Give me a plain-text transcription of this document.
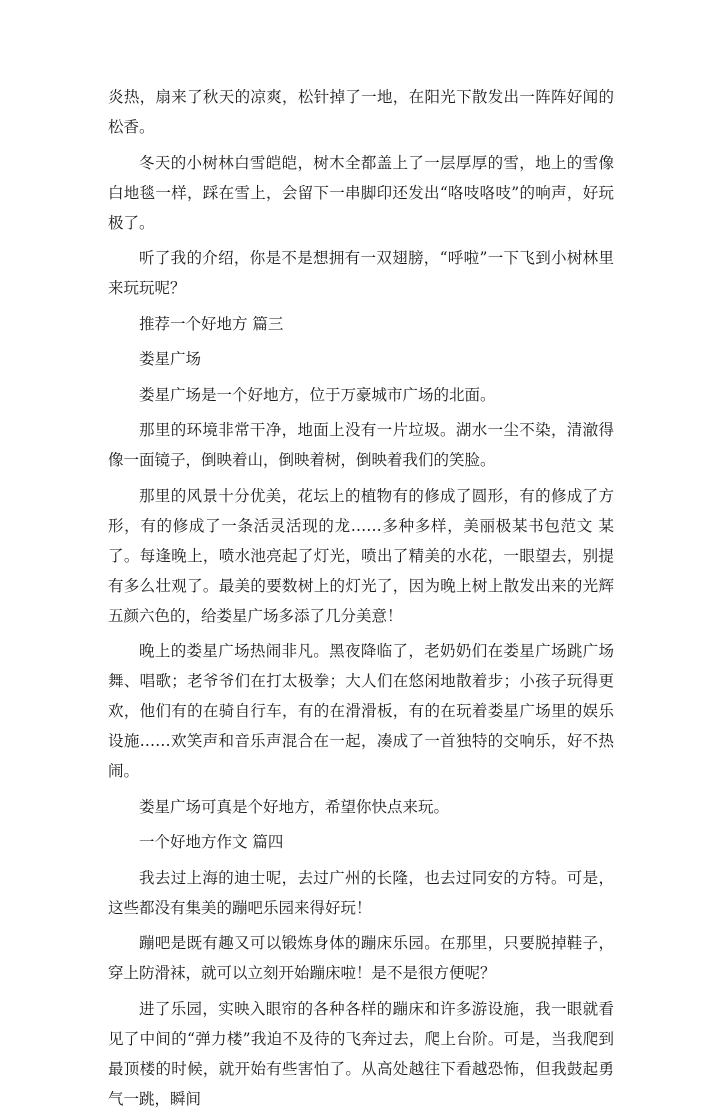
炎热，扇来了秋天的凉爽，松针掉了一地，在阳光下散发出一阵阵好闻的松香。

冬天的小树林白雪皑皑，树木全都盖上了一层厚厚的雪，地上的雪像白地毯一样，踩在雪上，会留下一串脚印还发出“咯吱咯吱”的响声，好玩极了。

听了我的介绍，你是不是想拥有一双翅膀，“呼啦”一下飞到小树林里来玩玩呢？

推荐一个好地方 篇三

娄星广场

娄星广场是一个好地方，位于万豪城市广场的北面。

那里的环境非常干净，地面上没有一片垃圾。湖水一尘不染，清澈得像一面镜子，倒映着山，倒映着树，倒映着我们的笑脸。

那里的风景十分优美，花坛上的植物有的修成了圆形，有的修成了方形，有的修成了一条活灵活现的龙……多种多样，美丽极某书包范文 某了。每逢晚上，喷水池亮起了灯光，喷出了精美的水花，一眼望去，别提有多么壮观了。最美的要数树上的灯光了，因为晚上树上散发出来的光辉五颜六色的，给娄星广场多添了几分美意！

晚上的娄星广场热闹非凡。黑夜降临了，老奶奶们在娄星广场跳广场舞、唱歌；老爷爷们在打太极拳；大人们在悠闲地散着步；小孩子玩得更欢，他们有的在骑自行车，有的在滑滑板，有的在玩着娄星广场里的娱乐设施……欢笑声和音乐声混合在一起，凑成了一首独特的交响乐，好不热闹。

娄星广场可真是个好地方，希望你快点来玩。

一个好地方作文 篇四

我去过上海的迪士呢，去过广州的长隆，也去过同安的方特。可是，这些都没有集美的蹦吧乐园来得好玩！

蹦吧是既有趣又可以锻炼身体的蹦床乐园。在那里，只要脱掉鞋子，穿上防滑袜，就可以立刻开始蹦床啦！是不是很方便呢？

进了乐园，实映入眼帘的各种各样的蹦床和许多游设施，我一眼就看见了中间的“弹力楼”我迫不及待的飞奔过去，爬上台阶。可是，当我爬到最顶楼的时候，就开始有些害怕了。从高处越往下看越恐怖，但我鼓起勇气一跳，瞬间
